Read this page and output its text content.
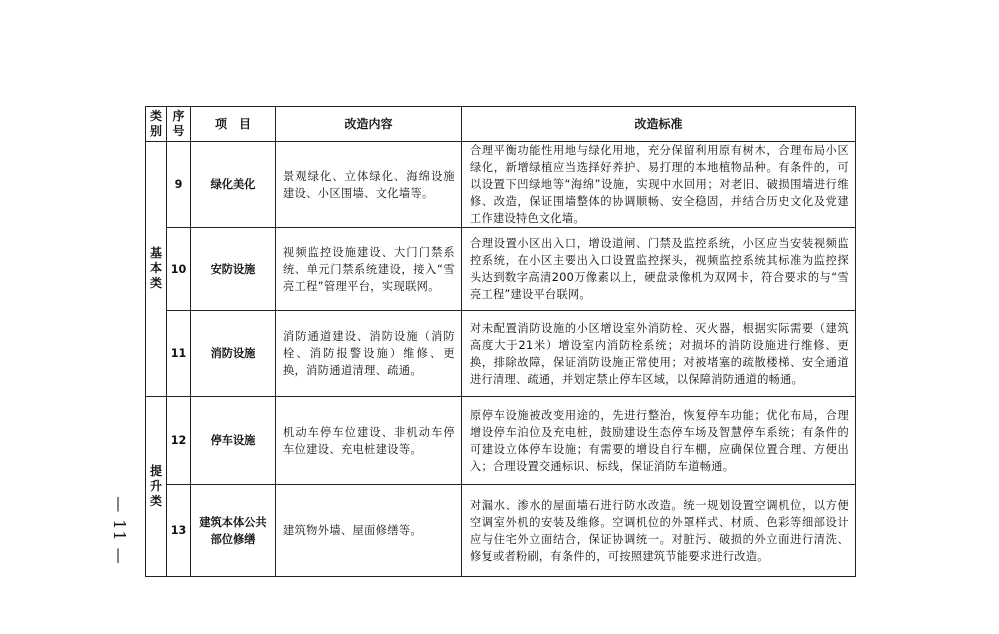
类别	序号	项　目	改造内容	改造标准
基本类	9	绿化美化	景观绿化、立体绿化、海绵设施建设、小区围墙、文化墙等。	合理平衡功能性用地与绿化用地，充分保留利用原有树木，合理布局小区绿化，新增绿植应当选择好养护、易打理的本地植物品种。有条件的，可以设置下凹绿地等“海绵”设施，实现中水回用；对老旧、破损围墙进行维修、改造，保证围墙整体的协调顺畅、安全稳固，并结合历史文化及党建工作建设特色文化墙。
	10	安防设施	视频监控设施建设、大门门禁系统、单元门禁系统建设，接入“雪亮工程”管理平台，实现联网。	合理设置小区出入口，增设道闸、门禁及监控系统，小区应当安装视频监控系统，在小区主要出入口设置监控探头，视频监控系统其标准为监控探头达到数字高清200万像素以上，硬盘录像机为双网卡，符合要求的与“雪亮工程”建设平台联网。
	11	消防设施	消防通道建设、消防设施（消防栓、消防报警设施）维修、更换，消防通道清理、疏通。	对未配置消防设施的小区增设室外消防栓、灭火器，根据实际需要（建筑高度大于21米）增设室内消防栓系统；对损坏的消防设施进行维修、更换，排除故障，保证消防设施正常使用；对被堵塞的疏散楼梯、安全通道进行清理、疏通，并划定禁止停车区域，以保障消防通道的畅通。
提升类	12	停车设施	机动车停车位建设、非机动车停车位建设、充电桩建设等。	原停车设施被改变用途的，先进行整治，恢复停车功能；优化布局，合理增设停车泊位及充电桩，鼓励建设生态停车场及智慧停车系统；有条件的可建设立体停车设施；有需要的增设自行车棚，应确保位置合理、方便出入；合理设置交通标识、标线，保证消防车道畅通。
	13	建筑本体公共部位修缮	建筑物外墙、屋面修缮等。	对漏水、渗水的屋面墙石进行防水改造。统一规划设置空调机位，以方便空调室外机的安装及维修。空调机位的外罩样式、材质、色彩等细部设计应与住宅外立面结合，保证协调统一。对脏污、破损的外立面进行清洗、修复或者粉刷，有条件的，可按照建筑节能要求进行改造。
— 11 —
